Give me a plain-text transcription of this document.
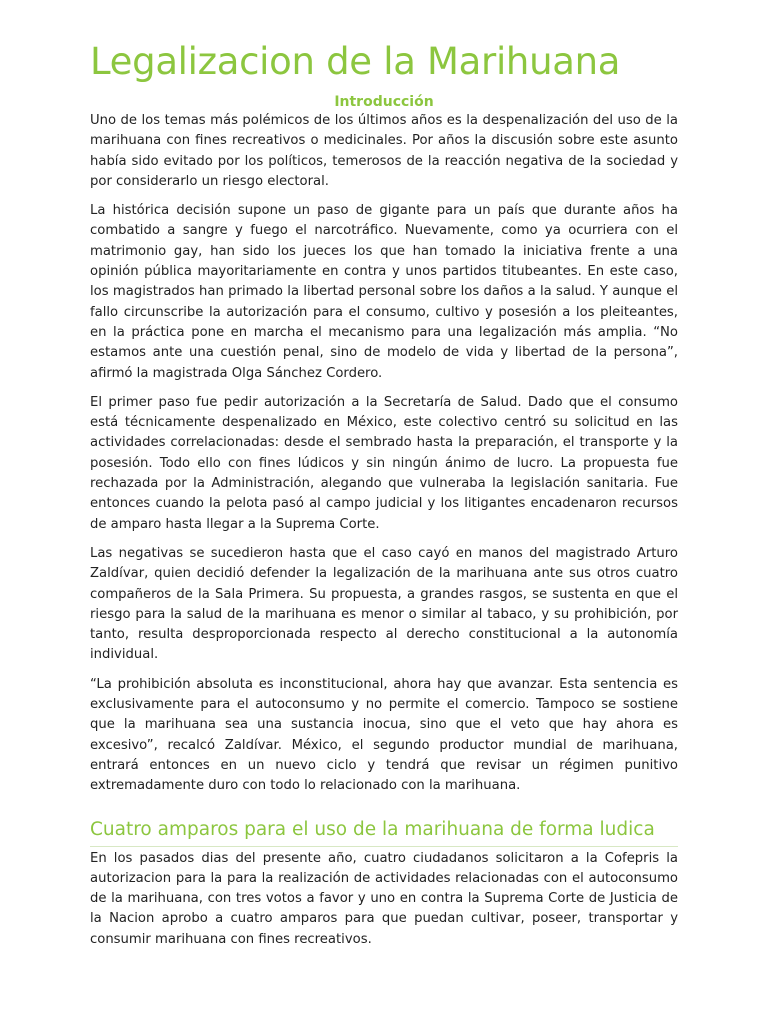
Legalizacion de la Marihuana
Introducción

Uno de los temas más polémicos de los últimos años es la despenalización del uso de la marihuana con fines recreativos o medicinales. Por años la discusión sobre este asunto había sido evitado por los políticos, temerosos de la reacción negativa de la sociedad y por considerarlo un riesgo electoral.

La histórica decisión supone un paso de gigante para un país que durante años ha combatido a sangre y fuego el narcotráfico. Nuevamente, como ya ocurriera con el matrimonio gay, han sido los jueces los que han tomado la iniciativa frente a una opinión pública mayoritariamente en contra y unos partidos titubeantes. En este caso, los magistrados han primado la libertad personal sobre los daños a la salud. Y aunque el fallo circunscribe la autorización para el consumo, cultivo y posesión a los pleiteantes, en la práctica pone en marcha el mecanismo para una legalización más amplia. “No estamos ante una cuestión penal, sino de modelo de vida y libertad de la persona”, afirmó la magistrada Olga Sánchez Cordero.

El primer paso fue pedir autorización a la Secretaría de Salud. Dado que el consumo está técnicamente despenalizado en México, este colectivo centró su solicitud en las actividades correlacionadas: desde el sembrado hasta la preparación, el transporte y la posesión. Todo ello con fines lúdicos y sin ningún ánimo de lucro. La propuesta fue rechazada por la Administración, alegando que vulneraba la legislación sanitaria. Fue entonces cuando la pelota pasó al campo judicial y los litigantes encadenaron recursos de amparo hasta llegar a la Suprema Corte.

Las negativas se sucedieron hasta que el caso cayó en manos del magistrado Arturo Zaldívar, quien decidió defender la legalización de la marihuana ante sus otros cuatro compañeros de la Sala Primera. Su propuesta, a grandes rasgos, se sustenta en que el riesgo para la salud de la marihuana es menor o similar al tabaco, y su prohibición, por tanto, resulta desproporcionada respecto al derecho constitucional a la autonomía individual.

“La prohibición absoluta es inconstitucional, ahora hay que avanzar. Esta sentencia es exclusivamente para el autoconsumo y no permite el comercio. Tampoco se sostiene que la marihuana sea una sustancia inocua, sino que el veto que hay ahora es excesivo”, recalcó Zaldívar. México, el segundo productor mundial de marihuana, entrará entonces en un nuevo ciclo y tendrá que revisar un régimen punitivo extremadamente duro con todo lo relacionado con la marihuana.

Cuatro amparos para el uso de la marihuana de forma ludica

En los pasados dias del presente año, cuatro ciudadanos solicitaron a la Cofepris la autorizacion para la para la realización de actividades relacionadas con el autoconsumo de la marihuana, con tres votos a favor y uno en contra la Suprema Corte de Justicia de la Nacion aprobo a cuatro amparos para que puedan cultivar, poseer, transportar y consumir marihuana con fines recreativos.
